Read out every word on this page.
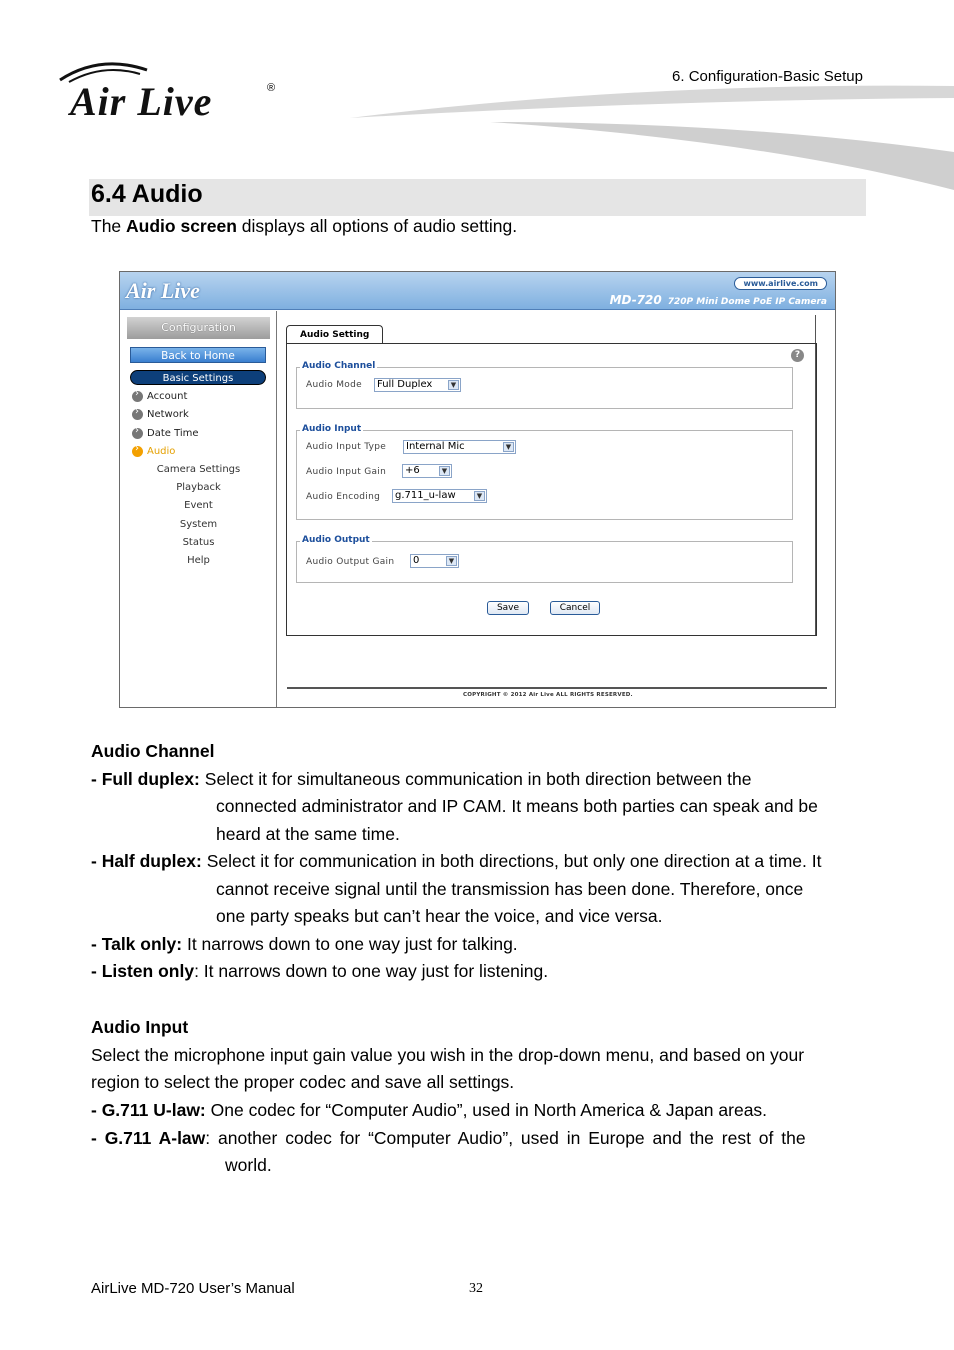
Air Live	®
6. Configuration-Basic Setup
6.4 Audio
The Audio screen displays all options of audio setting.
Air Live	www.airlive.com
MD-720 720P Mini Dome PoE IP Camera
Configuration
Back to Home
Basic Settings
›
Account
›
Network
›
Date Time
›
Audio
Camera Settings
Playback
Event
System
Status
Help
Audio Setting
?
Audio Channel
Audio Mode	Full Duplex	▼
Audio Input
Audio Input Type	Internal Mic	▼
Audio Input Gain	+6	▼
Audio Encoding	g.711_u-law	▼
Audio Output
Audio Output Gain	0	▼
Save	Cancel
COPYRIGHT © 2012 Air Live ALL RIGHTS RESERVED.
Audio Channel
- Full duplex: Select it for simultaneous communication in both direction between the
connected administrator and IP CAM. It means both parties can speak and be
heard at the same time.
- Half duplex: Select it for communication in both directions, but only one direction at a time. It
cannot receive signal until the transmission has been done. Therefore, once
one party speaks but can’t hear the voice, and vice versa.
- Talk only: It narrows down to one way just for talking.
- Listen only: It narrows down to one way just for listening.
Audio Input
Select the microphone input gain value you wish in the drop-down menu, and based on your
region to select the proper codec and save all settings.
- G.711 U-law: One codec for “Computer Audio”, used in North America & Japan areas.
- G.711 A-law: another codec for “Computer Audio”, used in Europe and the rest of the
world.
AirLive MD-720 User’s Manual	32
